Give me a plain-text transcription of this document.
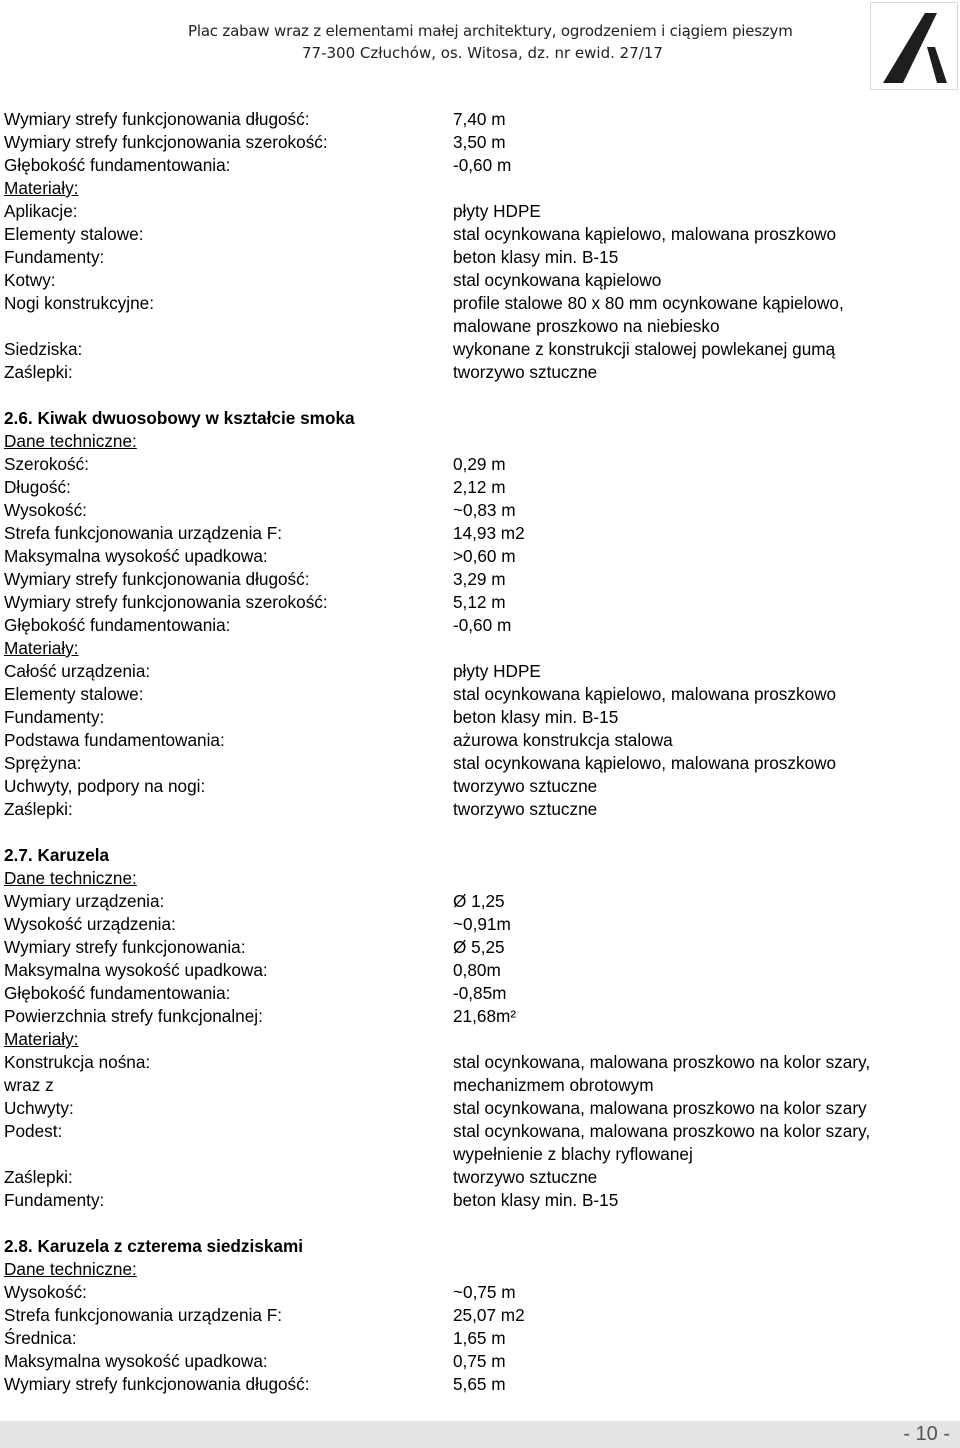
Plac zabaw wraz z elementami małej architektury, ogrodzeniem i ciągiem pieszym
77-300 Człuchów, os. Witosa, dz. nr ewid. 27/17
Wymiary strefy funkcjonowania długość:	7,40 m
Wymiary strefy funkcjonowania szerokość:	3,50 m
Głębokość fundamentowania:	-0,60 m
Materiały:
Aplikacje:	płyty HDPE
Elementy stalowe:	stal ocynkowana kąpielowo, malowana proszkowo
Fundamenty:	beton klasy min. B-15
Kotwy:	stal ocynkowana kąpielowo
Nogi konstrukcyjne:	profile stalowe 80 x 80 mm ocynkowane kąpielowo,
malowane proszkowo na niebiesko
Siedziska:	wykonane z konstrukcji stalowej powlekanej gumą
Zaślepki:	tworzywo sztuczne
2.6. Kiwak dwuosobowy w kształcie smoka
Dane techniczne:
Szerokość:	0,29 m
Długość:	2,12 m
Wysokość:	~0,83 m
Strefa funkcjonowania urządzenia F:	14,93 m2
Maksymalna wysokość upadkowa:	>0,60 m
Wymiary strefy funkcjonowania długość:	3,29 m
Wymiary strefy funkcjonowania szerokość:	5,12 m
Głębokość fundamentowania:	-0,60 m
Materiały:
Całość urządzenia:	płyty HDPE
Elementy stalowe:	stal ocynkowana kąpielowo, malowana proszkowo
Fundamenty:	beton klasy min. B-15
Podstawa fundamentowania:	ażurowa konstrukcja stalowa
Sprężyna:	stal ocynkowana kąpielowo, malowana proszkowo
Uchwyty, podpory na nogi:	tworzywo sztuczne
Zaślepki:	tworzywo sztuczne
2.7. Karuzela
Dane techniczne:
Wymiary urządzenia:	Ø 1,25
Wysokość urządzenia:	~0,91m
Wymiary strefy funkcjonowania:	Ø 5,25
Maksymalna wysokość upadkowa:	0,80m
Głębokość fundamentowania:	-0,85m
Powierzchnia strefy funkcjonalnej:	21,68m²
Materiały:
Konstrukcja nośna:	stal ocynkowana, malowana proszkowo na kolor szary,
wraz z	mechanizmem obrotowym
Uchwyty:	stal ocynkowana, malowana proszkowo na kolor szary
Podest:	stal ocynkowana, malowana proszkowo na kolor szary,
wypełnienie z blachy ryflowanej
Zaślepki:	tworzywo sztuczne
Fundamenty:	beton klasy min. B-15
2.8. Karuzela z czterema siedziskami
Dane techniczne:
Wysokość:	~0,75 m
Strefa funkcjonowania urządzenia F:	25,07 m2
Średnica:	1,65 m
Maksymalna wysokość upadkowa:	0,75 m
Wymiary strefy funkcjonowania długość:	5,65 m
- 10 -
